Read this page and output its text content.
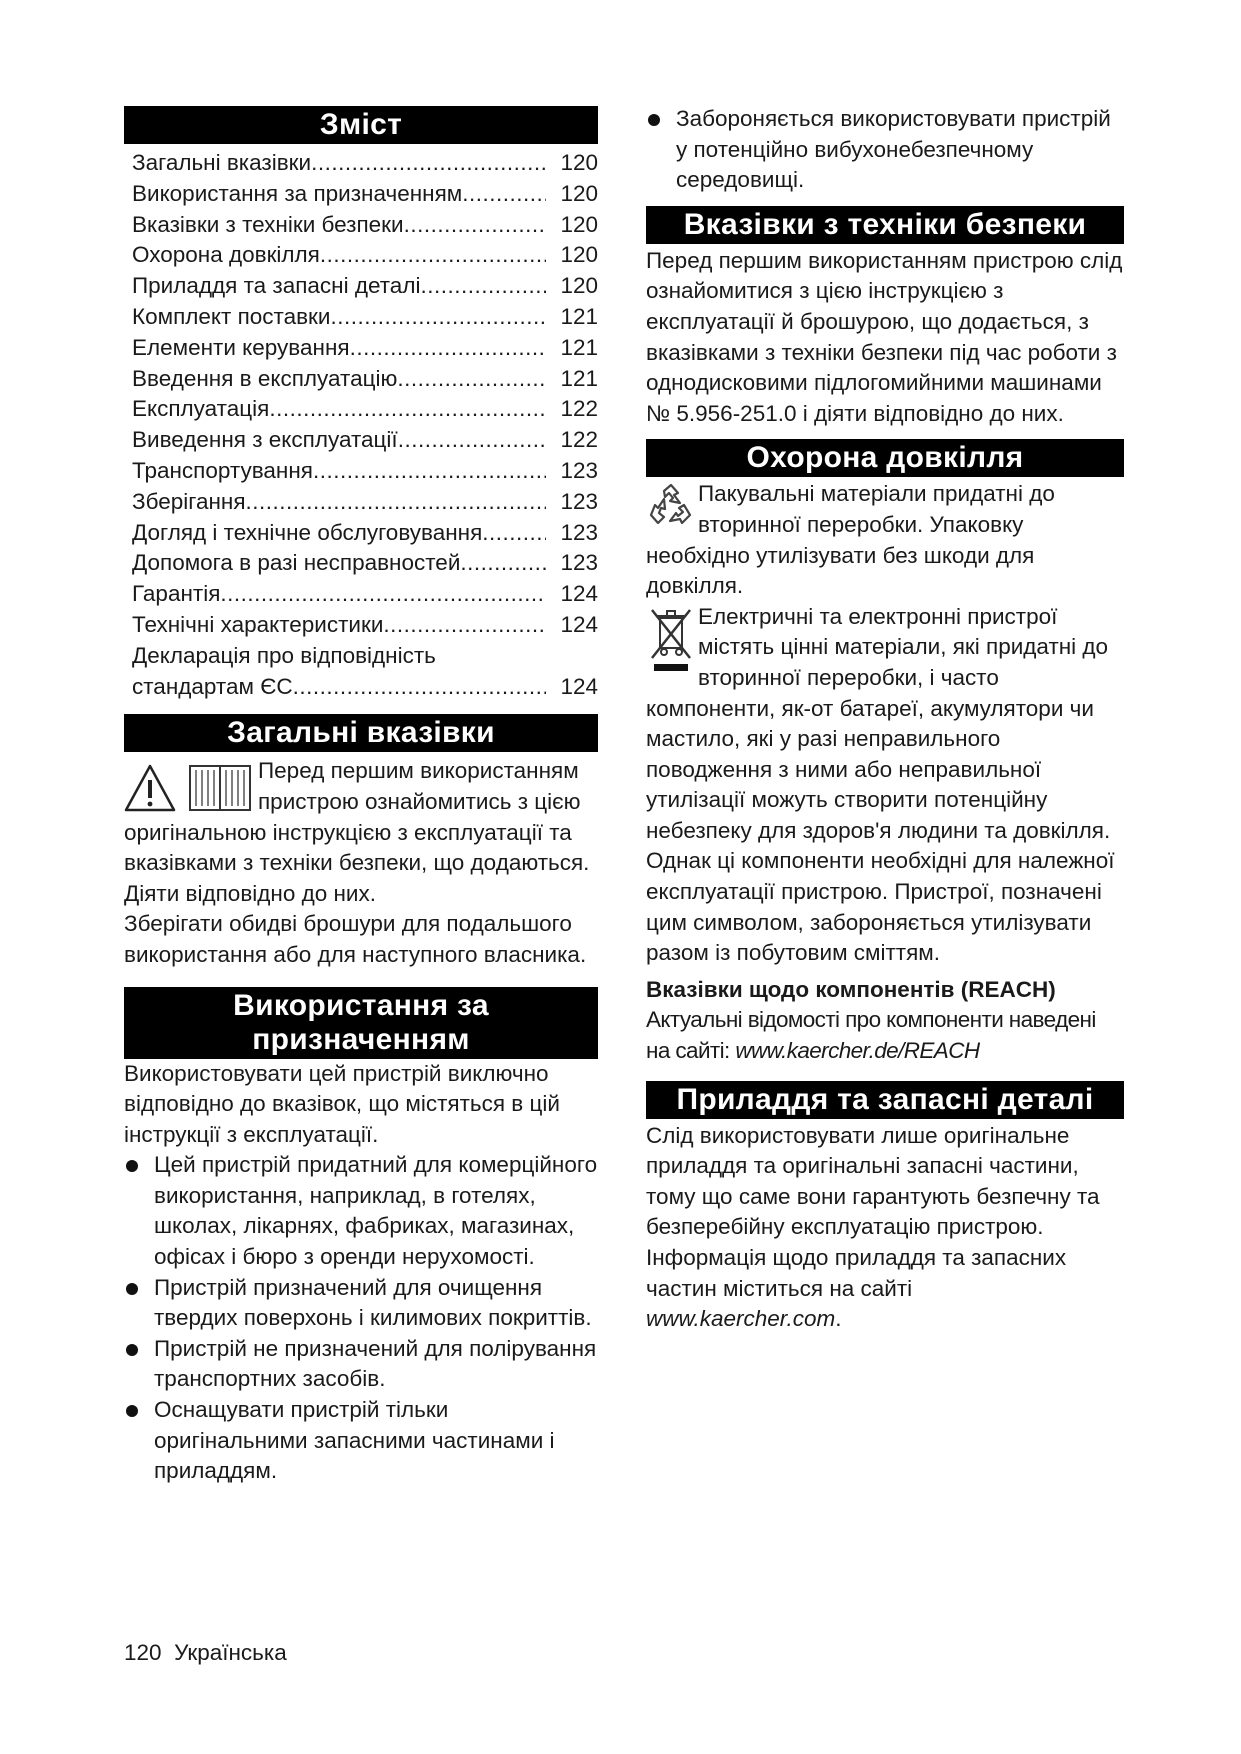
Зміст
Загальні вказівки .....	120
Використання за призначенням .....	120
Вказівки з техніки безпеки .....	120
Охорона довкілля .....	120
Приладдя та запасні деталі .....	120
Комплект поставки .....	121
Елементи керування .....	121
Введення в експлуатацію .....	121
Експлуатація .....	122
Виведення з експлуатації .....	122
Транспортування .....	123
Зберігання .....	123
Догляд і технічне обслуговування .....	123
Допомога в разі несправностей .....	123
Гарантія .....	124
Технічні характеристики .....	124
Декларація про відповідність
стандартам ЄС .....	124
Загальні вказівки

Перед першим використанням пристрою ознайомитись з цією оригінальною інструкцією з експлуатації та вказівками з техніки безпеки, що додаються. Діяти відповідно до них.

Зберігати обидві брошури для подальшого використання або для наступного власника.

Використання за
призначенням

Використовувати цей пристрій виключно відповідно до вказівок, що містяться в цій інструкції з експлуатації.

Цей пристрій придатний для комерційного використання, наприклад, в готелях, школах, лікарнях, фабриках, магазинах, офісах і бюро з оренди нерухомості.
Пристрій призначений для очищення твердих поверхонь і килимових покриттів.
Пристрій не призначений для полірування транспортних засобів.
Оснащувати пристрій тільки оригінальними запасними частинами і приладдям.
Забороняється використовувати пристрій у потенційно вибухонебезпечному середовищі.
Вказівки з техніки безпеки

Перед першим використанням пристрою слід ознайомитися з цією інструкцією з експлуатації й брошурою, що додається, з вказівками з техніки безпеки під час роботи з однодисковими підлогомийними машинами № 5.956-251.0 і діяти відповідно до них.

Охорона довкілля

Пакувальні матеріали придатні до вторинної переробки. Упаковку необхідно утилізувати без шкоди для довкілля.

Електричні та електронні пристрої містять цінні матеріали, які придатні до вторинної переробки, і часто компоненти, як-от батареї, акумулятори чи мастило, які у разі неправильного поводження з ними або неправильної утилізації можуть створити потенційну небезпеку для здоров'я людини та довкілля. Однак ці компоненти необхідні для належної експлуатації пристрою. Пристрої, позначені цим символом, забороняється утилізувати разом із побутовим сміттям.

Вказівки щодо компонентів (REACH)

Актуальні відомості про компоненти наведені на сайті: www.kaercher.de/REACH

Приладдя та запасні деталі

Слід використовувати лише оригінальне приладдя та оригінальні запасні частини, тому що саме вони гарантують безпечну та безперебійну експлуатацію пристрою.

Інформація щодо приладдя та запасних частин міститься на сайті
www.kaercher.com.

120 Українська
